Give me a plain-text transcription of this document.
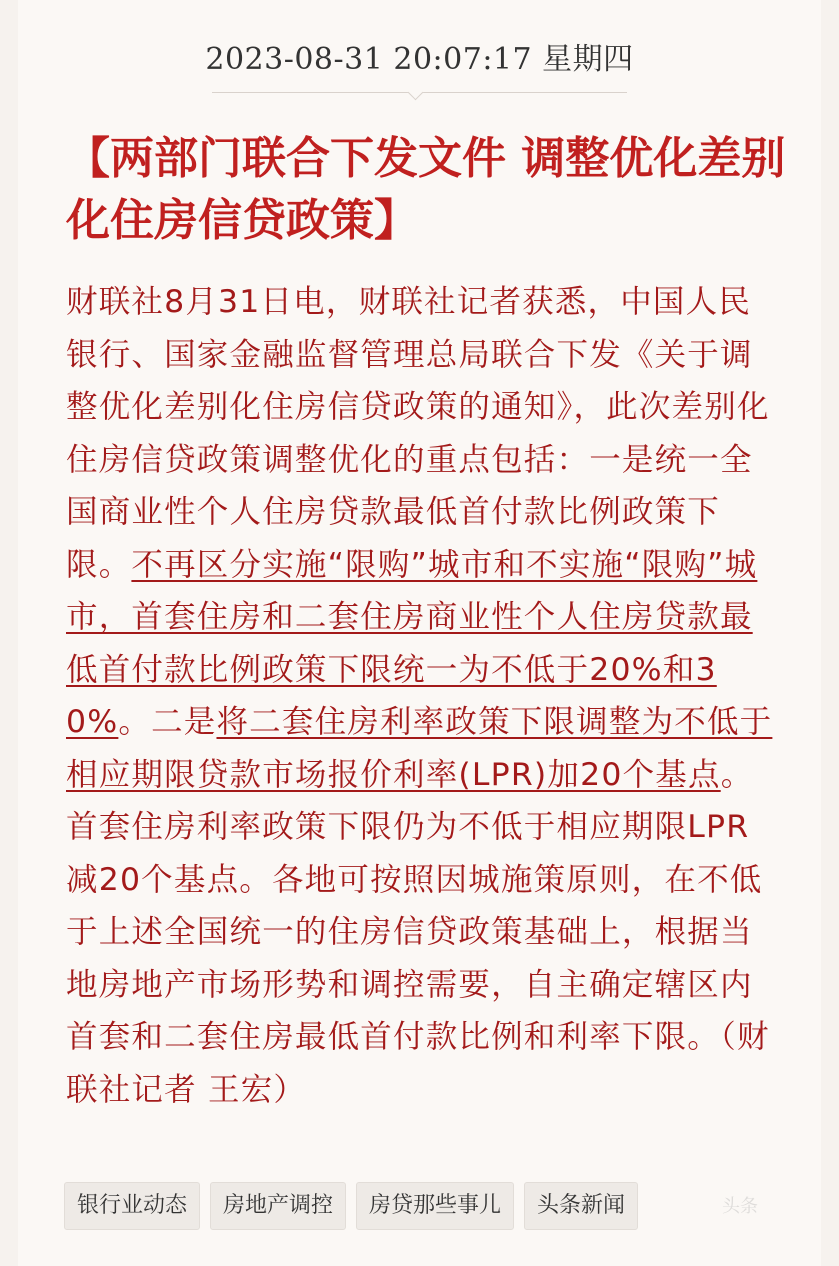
2023-08-31 20:07:17 星期四
【两部门联合下发文件 调整优化差别化住房信贷政策】
财联社8月31日电，财联社记者获悉，中国人民银行、国家金融监督管理总局联合下发《关于调整优化差别化住房信贷政策的通知》，此次差别化住房信贷政策调整优化的重点包括：一是统一全国商业性个人住房贷款最低首付款比例政策下限。不再区分实施“限购”城市和不实施“限购”城市，首套住房和二套住房商业性个人住房贷款最低首付款比例政策下限统一为不低于20%和30%。二是将二套住房利率政策下限调整为不低于相应期限贷款市场报价利率(LPR)加20个基点。首套住房利率政策下限仍为不低于相应期限LPR减20个基点。各地可按照因城施策原则，在不低于上述全国统一的住房信贷政策基础上，根据当地房地产市场形势和调控需要，自主确定辖区内首套和二套住房最低首付款比例和利率下限。（财联社记者 王宏）
银行业动态	房地产调控	房贷那些事儿	头条新闻	头条
